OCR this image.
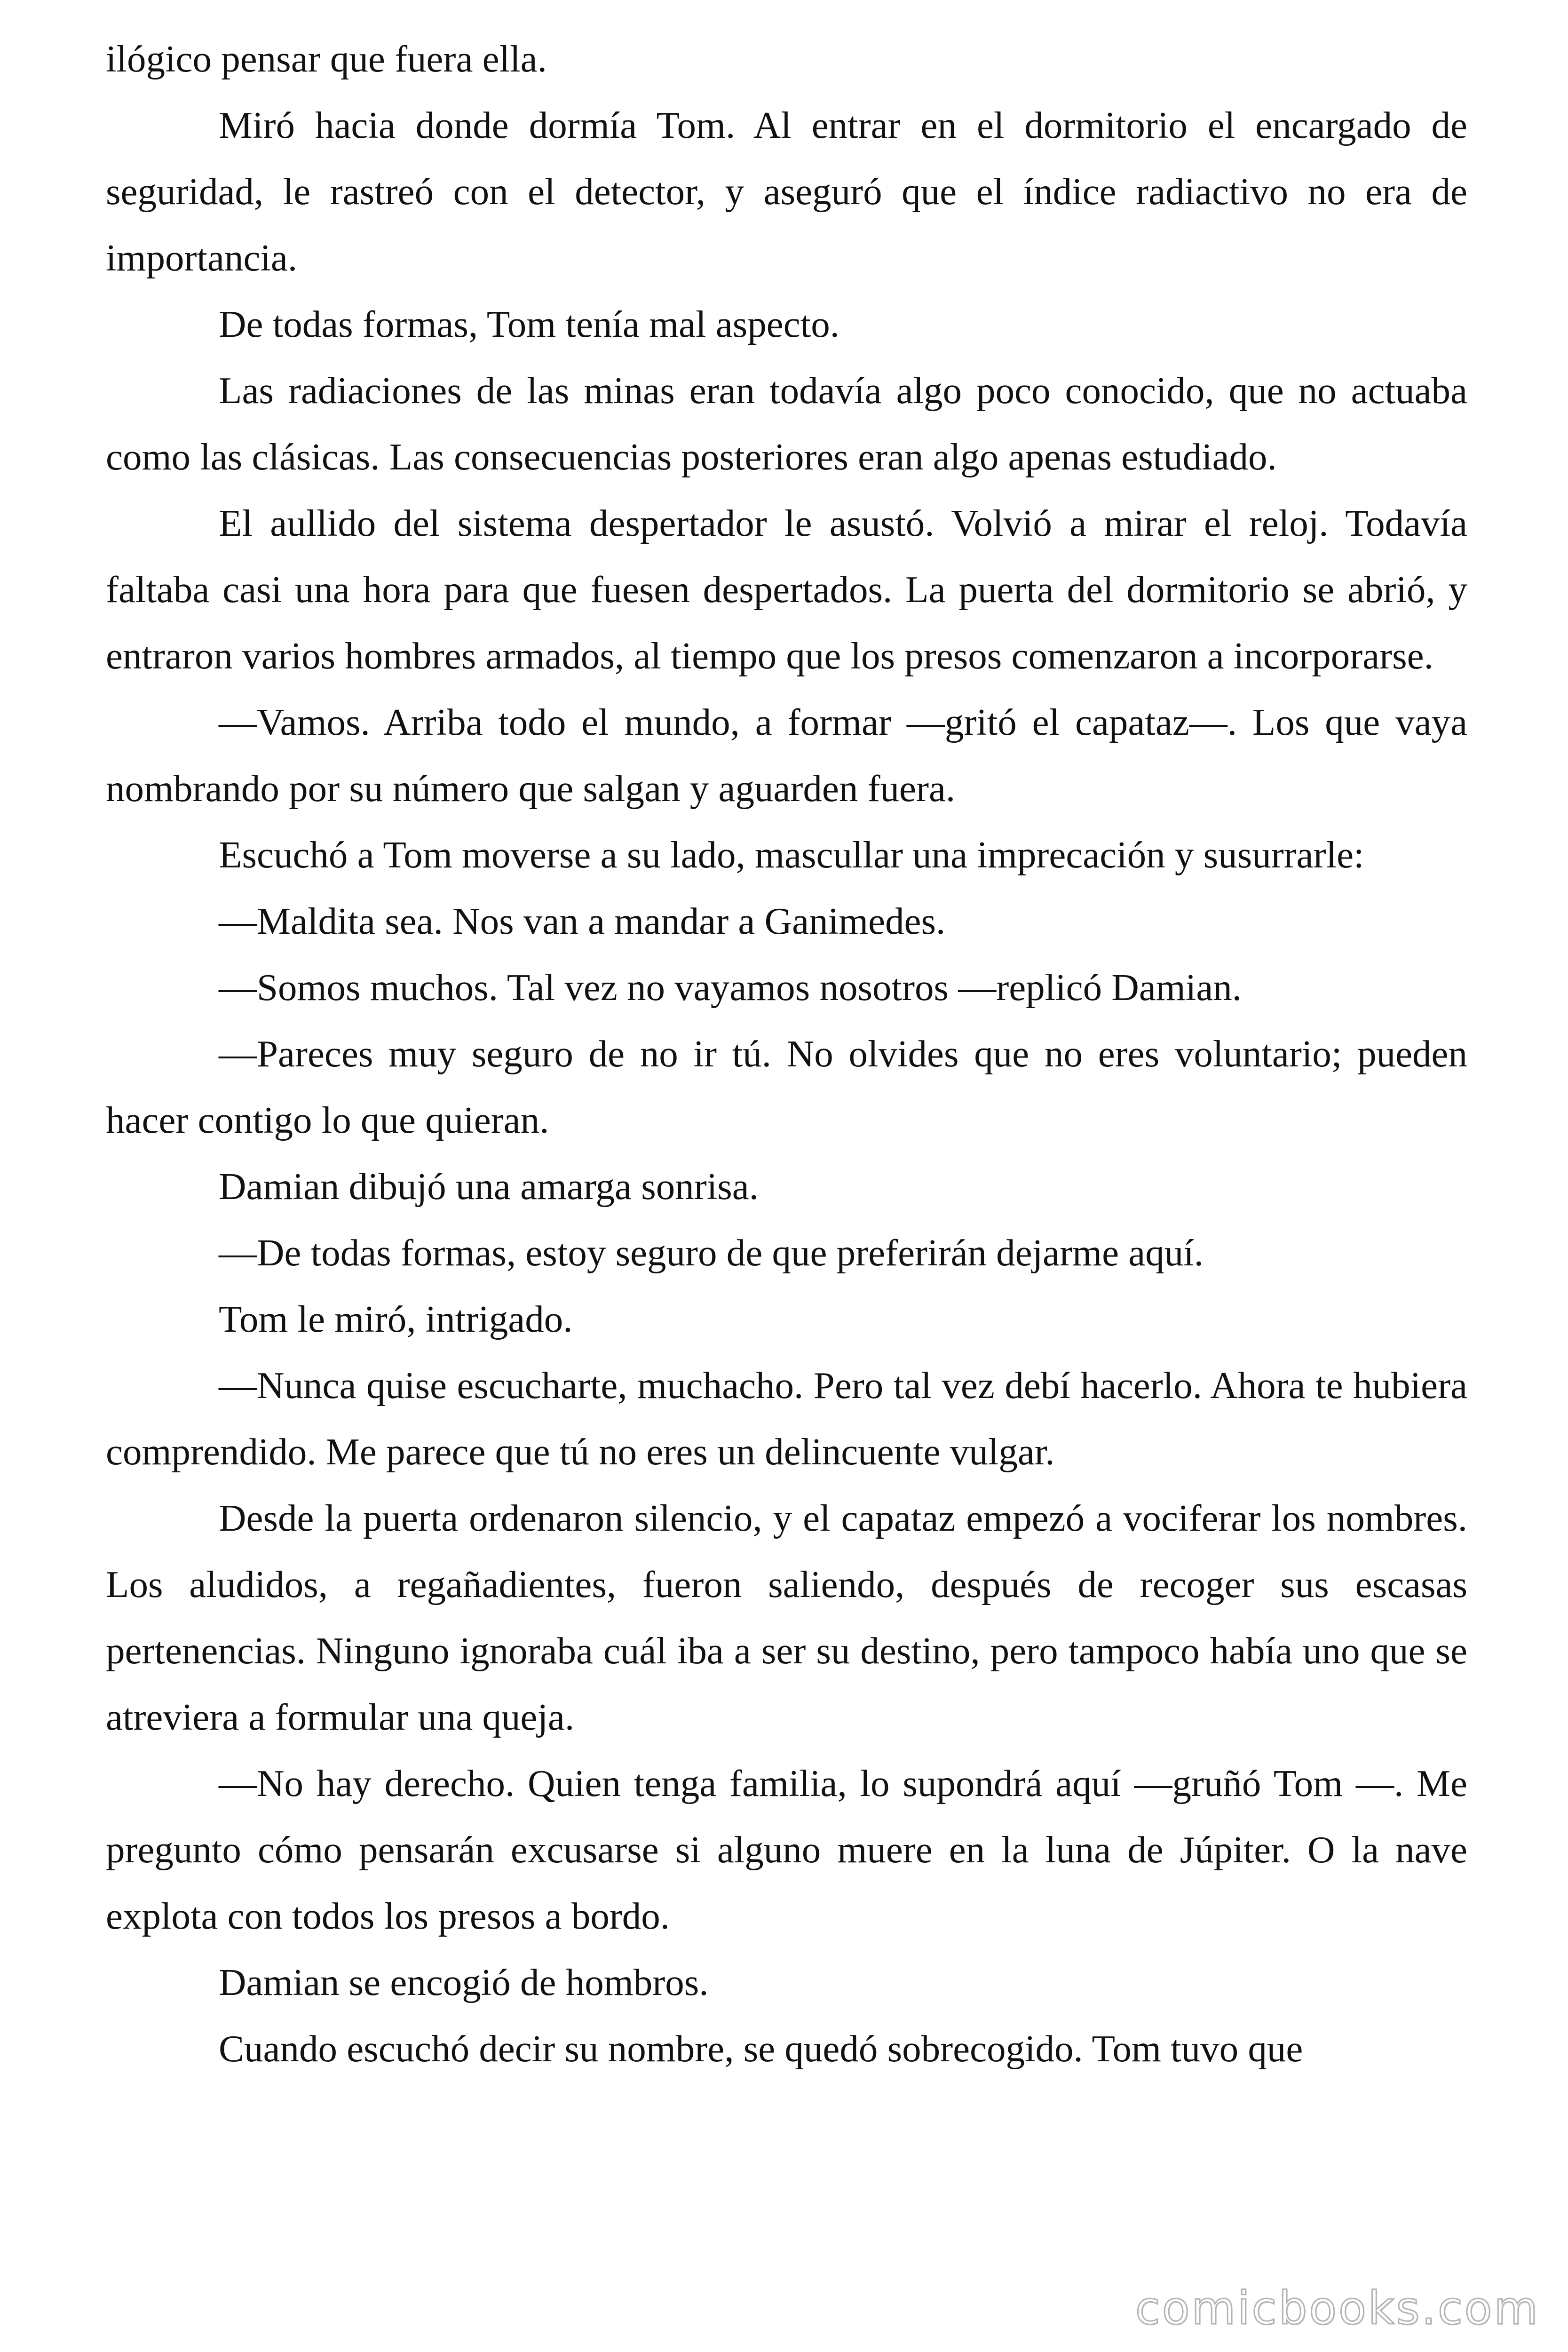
ilógico pensar que fuera ella.

Miró hacia donde dormía Tom. Al entrar en el dormitorio el encargado de seguridad, le rastreó con el detector, y aseguró que el índice radiactivo no era de importancia.

De todas formas, Tom tenía mal aspecto.

Las radiaciones de las minas eran todavía algo poco conocido, que no actuaba como las clásicas. Las consecuencias posteriores eran algo apenas estudiado.

El aullido del sistema despertador le asustó. Volvió a mirar el reloj. Todavía faltaba casi una hora para que fuesen despertados. La puerta del dormitorio se abrió, y entraron varios hombres armados, al tiempo que los presos comenzaron a incorporarse.

—Vamos. Arriba todo el mundo, a formar —gritó el capataz—. Los que vaya nombrando por su número que salgan y aguarden fuera.

Escuchó a Tom moverse a su lado, mascullar una imprecación y susurrarle:

—Maldita sea. Nos van a mandar a Ganimedes.

—Somos muchos. Tal vez no vayamos nosotros —replicó Damian.

—Pareces muy seguro de no ir tú. No olvides que no eres voluntario; pueden hacer contigo lo que quieran.

Damian dibujó una amarga sonrisa.

—De todas formas, estoy seguro de que preferirán dejarme aquí.

Tom le miró, intrigado.

—Nunca quise escucharte, muchacho. Pero tal vez debí hacerlo. Ahora te hubiera comprendido. Me parece que tú no eres un delincuente vulgar.

Desde la puerta ordenaron silencio, y el capataz empezó a vociferar los nombres. Los aludidos, a regañadientes, fueron saliendo, después de recoger sus escasas pertenencias. Ninguno ignoraba cuál iba a ser su destino, pero tampoco había uno que se atreviera a formular una queja.

—No hay derecho. Quien tenga familia, lo supondrá aquí —gruñó Tom —. Me pregunto cómo pensarán excusarse si alguno muere en la luna de Júpiter. O la nave explota con todos los presos a bordo.

Damian se encogió de hombros.

Cuando escuchó decir su nombre, se quedó sobrecogido. Tom tuvo que

comicbooks.com
